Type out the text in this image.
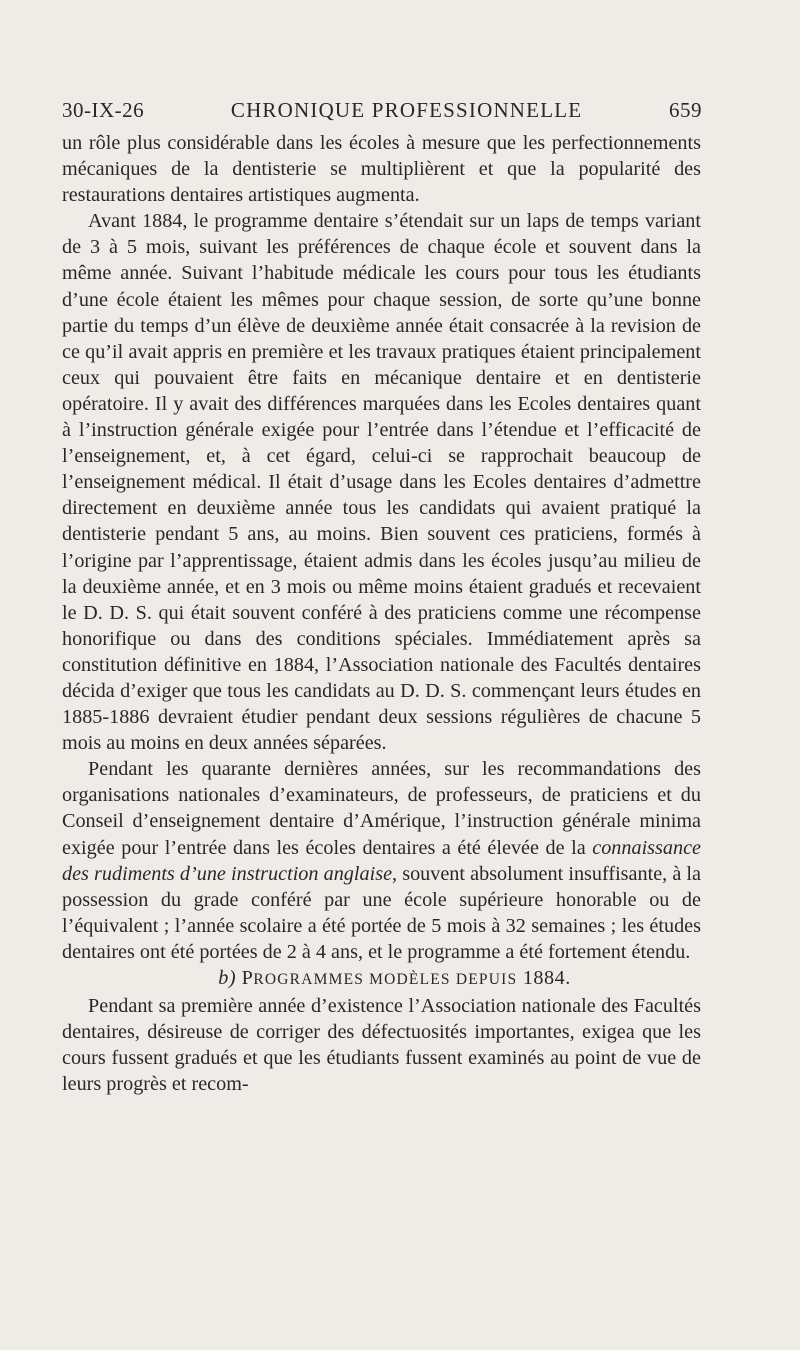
30-IX-26	CHRONIQUE PROFESSIONNELLE	659

un rôle plus considérable dans les écoles à mesure que les perfectionnements mécaniques de la dentisterie se multiplièrent et que la popularité des restaurations dentaires artistiques augmenta.

Avant 1884, le programme dentaire s’étendait sur un laps de temps variant de 3 à 5 mois, suivant les préférences de chaque école et souvent dans la même année. Suivant l’habitude médicale les cours pour tous les étudiants d’une école étaient les mêmes pour chaque session, de sorte qu’une bonne partie du temps d’un élève de deuxième année était consacrée à la revision de ce qu’il avait appris en première et les travaux pratiques étaient principalement ceux qui pouvaient être faits en mécanique dentaire et en dentisterie opératoire. Il y avait des différences marquées dans les Ecoles dentaires quant à l’instruction générale exigée pour l’entrée dans l’étendue et l’efficacité de l’enseignement, et, à cet égard, celui-ci se rapprochait beaucoup de l’enseignement médical. Il était d’usage dans les Ecoles dentaires d’admettre directement en deuxième année tous les candidats qui avaient pratiqué la dentisterie pendant 5 ans, au moins. Bien souvent ces praticiens, formés à l’origine par l’apprentissage, étaient admis dans les écoles jusqu’au milieu de la deuxième année, et en 3 mois ou même moins étaient gradués et recevaient le D. D. S. qui était souvent conféré à des praticiens comme une récompense honorifique ou dans des conditions spéciales. Immédiatement après sa constitution définitive en 1884, l’Association nationale des Facultés dentaires décida d’exiger que tous les candidats au D. D. S. commençant leurs études en 1885-1886 devraient étudier pendant deux sessions régulières de chacune 5 mois au moins en deux années séparées.

Pendant les quarante dernières années, sur les recommandations des organisations nationales d’examinateurs, de professeurs, de praticiens et du Conseil d’enseignement dentaire d’Amérique, l’instruction générale minima exigée pour l’entrée dans les écoles dentaires a été élevée de la connaissance des rudiments d’une instruction anglaise, souvent absolument insuffisante, à la possession du grade conféré par une école supérieure honorable ou de l’équivalent ; l’année scolaire a été portée de 5 mois à 32 semaines ; les études dentaires ont été portées de 2 à 4 ans, et le programme a été fortement étendu.

b) PROGRAMMES MODÈLES DEPUIS 1884.

Pendant sa première année d’existence l’Association nationale des Facultés dentaires, désireuse de corriger des défectuosités importantes, exigea que les cours fussent gradués et que les étudiants fussent examinés au point de vue de leurs progrès et recom-
